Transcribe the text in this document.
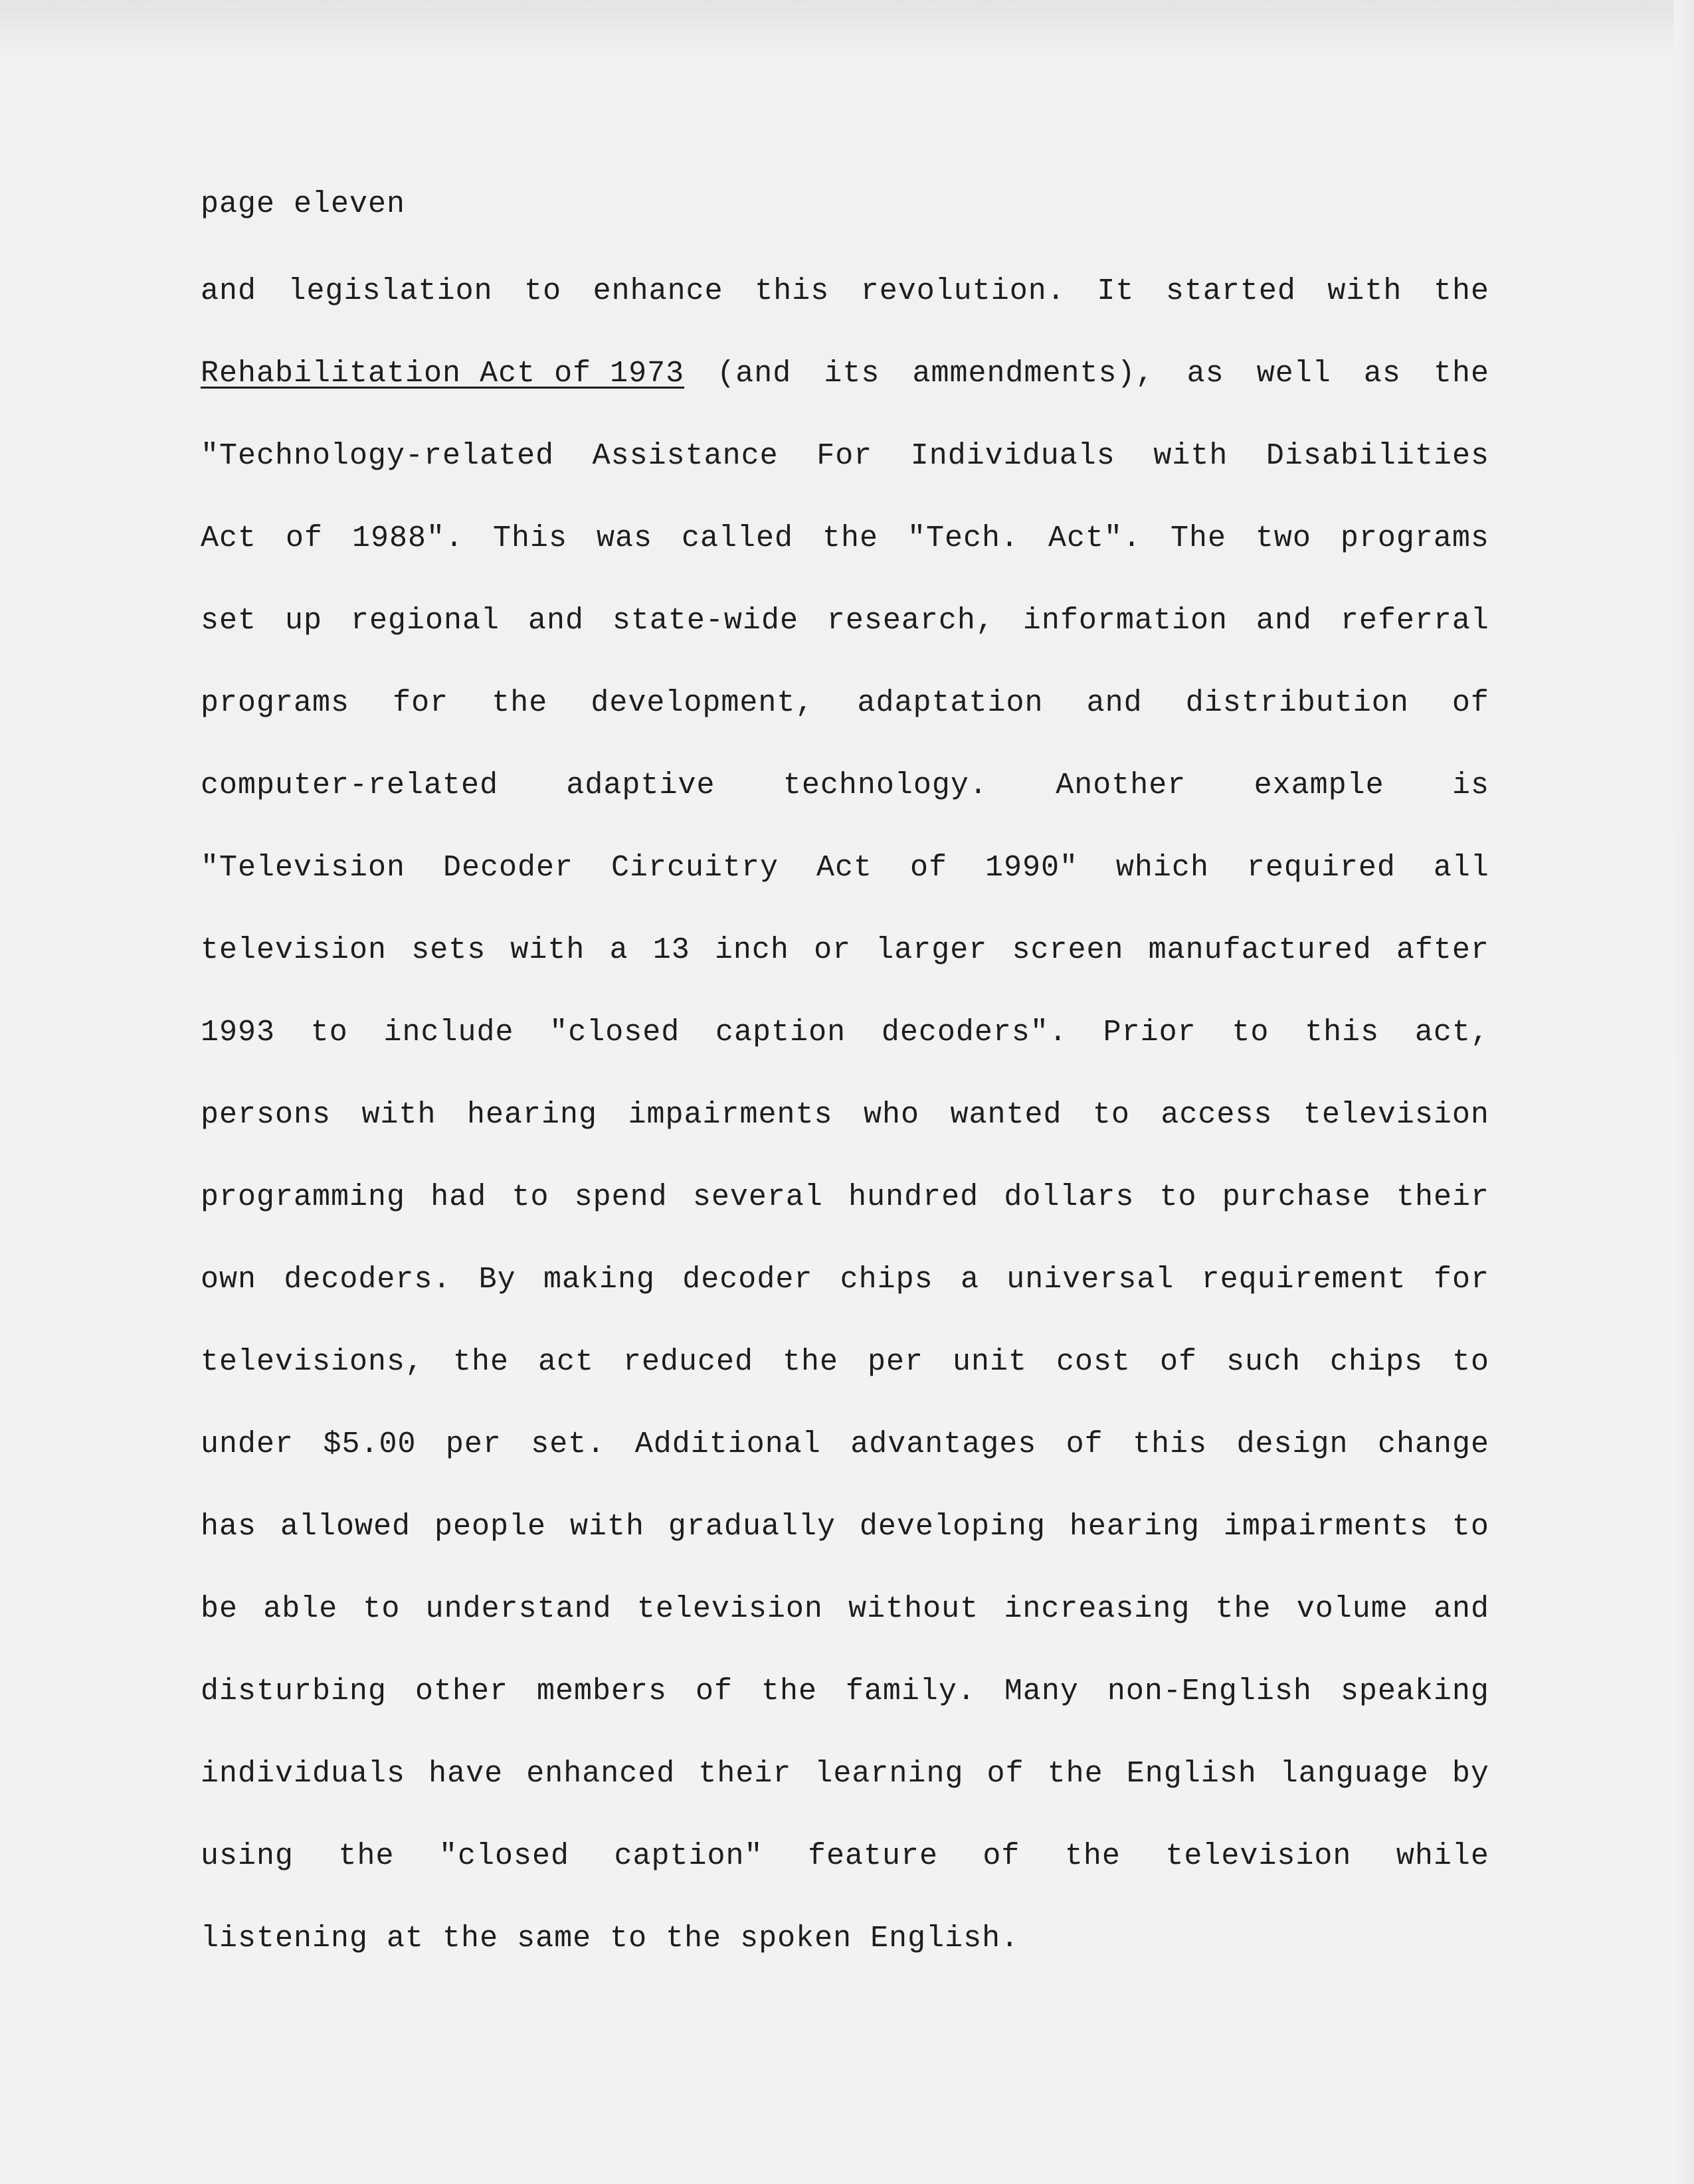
page eleven
and legislation to enhance this revolution. It started with the
Rehabilitation Act of 1973 (and its ammendments), as well as the
"Technology-related Assistance For Individuals with Disabilities
Act of 1988". This was called the "Tech. Act". The two programs
set up regional and state-wide research, information and referral
programs for the development, adaptation and distribution of
computer-related adaptive technology. Another example is
"Television Decoder Circuitry Act of 1990" which required all
television sets with a 13 inch or larger screen manufactured after
1993 to include "closed caption decoders". Prior to this act,
persons with hearing impairments who wanted to access television
programming had to spend several hundred dollars to purchase their
own decoders. By making decoder chips a universal requirement for
televisions, the act reduced the per unit cost of such chips to
under $5.00 per set. Additional advantages of this design change
has allowed people with gradually developing hearing impairments to
be able to understand television without increasing the volume and
disturbing other members of the family. Many non-English speaking
individuals have enhanced their learning of the English language by
using the "closed caption" feature of the television while
listening at the same to the spoken English.
